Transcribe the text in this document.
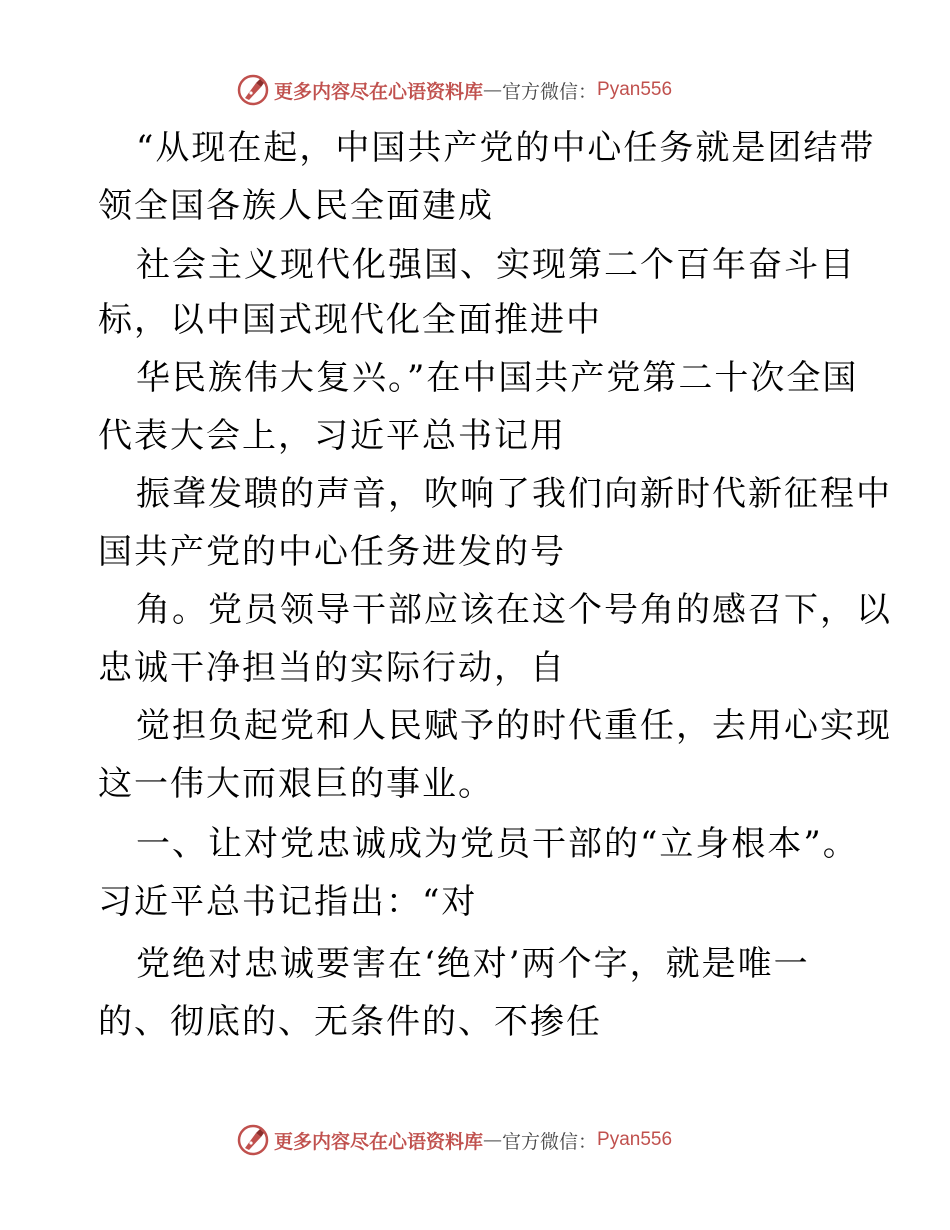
更多内容尽在心语资料库 — 官方微信： Pyan556
“从现在起，中国共产党的中心任务就是团结带
领全国各族人民全面建成
社会主义现代化强国、实现第二个百年奋斗目
标，以中国式现代化全面推进中
华民族伟大复兴。”在中国共产党第二十次全国
代表大会上，习近平总书记用
振聋发聩的声音，吹响了我们向新时代新征程中
国共产党的中心任务进发的号
角。党员领导干部应该在这个号角的感召下，以
忠诚干净担当的实际行动，自
觉担负起党和人民赋予的时代重任，去用心实现
这一伟大而艰巨的事业。
一、让对党忠诚成为党员干部的“立身根本”。
习近平总书记指出：“对
党绝对忠诚要害在‘绝对’两个字，就是唯一
的、彻底的、无条件的、不掺任
更多内容尽在心语资料库 — 官方微信： Pyan556
